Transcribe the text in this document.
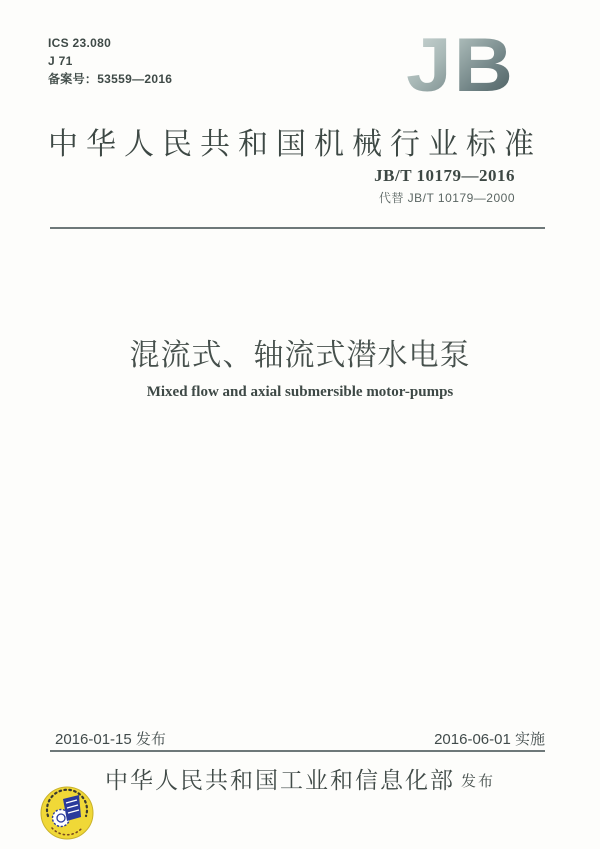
ICS 23.080
J 71
备案号：53559—2016	JB
中华人民共和国机械行业标准
JB/T 10179—2016
代替 JB/T 10179—2000
混流式、轴流式潜水电泵
Mixed flow and axial submersible motor-pumps
2016-01-15 发布	2016-06-01 实施
中华人民共和国工业和信息化部 发布
